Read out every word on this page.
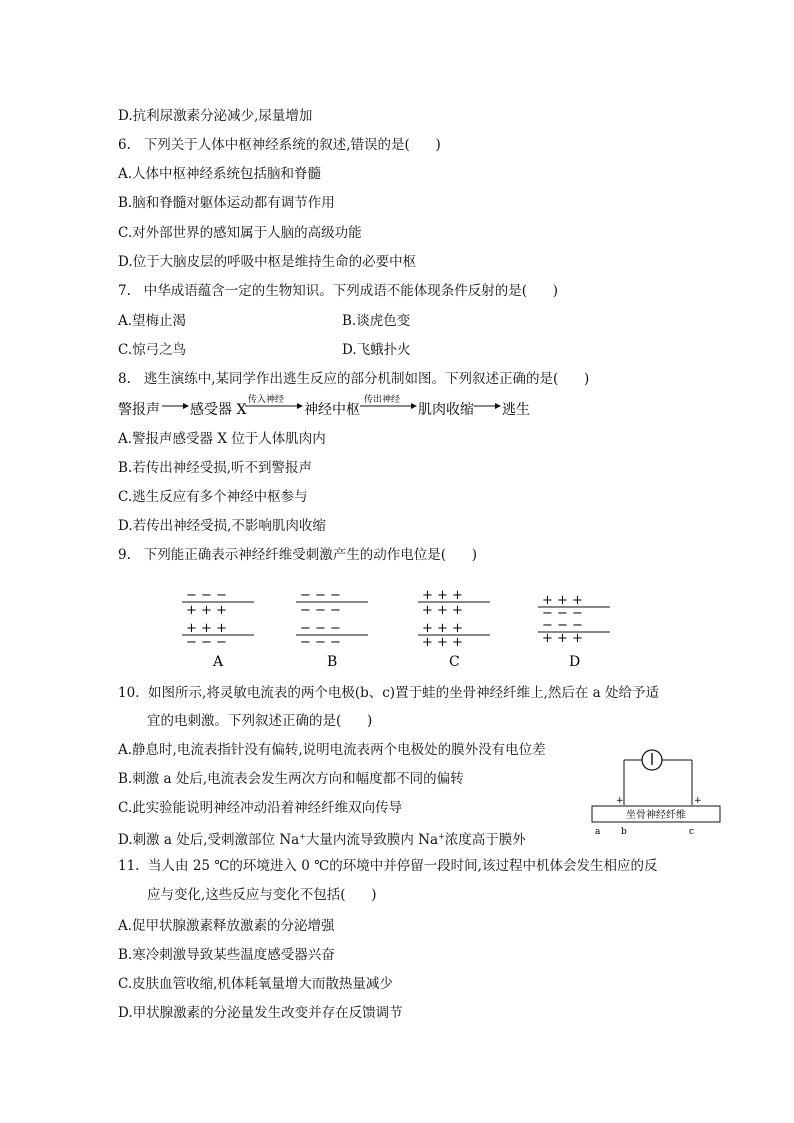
D.抗利尿激素分泌减少,尿量增加
6.   下列关于人体中枢神经系统的叙述,错误的是(      )
A.人体中枢神经系统包括脑和脊髓
B.脑和脊髓对躯体运动都有调节作用
C.对外部世界的感知属于人脑的高级功能
D.位于大脑皮层的呼吸中枢是维持生命的必要中枢
7.   中华成语蕴含一定的生物知识。下列成语不能体现条件反射的是(      )
A.望梅止渴	B.谈虎色变
C.惊弓之鸟	D.飞蛾扑火
8.   逃生演练中,某同学作出逃生反应的部分机制如图。下列叙述正确的是(      )
警报声 感受器 X
传入神经
神经中枢
传出神经
肌肉收缩 逃生
A.警报声感受器 X 位于人体肌肉内
B.若传出神经受损,听不到警报声
C.逃生反应有多个神经中枢参与
D.若传出神经受损,不影响肌肉收缩
9.   下列能正确表示神经纤维受刺激产生的动作电位是(      )
− − −
+ + +
+ + +
− − −
A
− − −
− − −
− − −
− − −
B
+ + +
+ + +
+ + +
+ + +
C
+ + +
− − −
− − −
+ + +
D
10.  如图所示,将灵敏电流表的两个电极(b、c)置于蛙的坐骨神经纤维上,然后在 a 处给予适
宜的电刺激。下列叙述正确的是(      )
A.静息时,电流表指针没有偏转,说明电流表两个电极处的膜外没有电位差
B.刺激 a 处后,电流表会发生两次方向和幅度都不同的偏转
C.此实验能说明神经冲动沿着神经纤维双向传导
D.刺激 a 处后,受刺激部位 Na+大量内流导致膜内 Na+浓度高于膜外
+	+
坐骨神经纤维
a b	c
11.  当人由 25 ℃的环境进入 0 ℃的环境中并停留一段时间,该过程中机体会发生相应的反
应与变化,这些反应与变化不包括(      )
A.促甲状腺激素释放激素的分泌增强
B.寒冷刺激导致某些温度感受器兴奋
C.皮肤血管收缩,机体耗氧量增大而散热量减少
D.甲状腺激素的分泌量发生改变并存在反馈调节
